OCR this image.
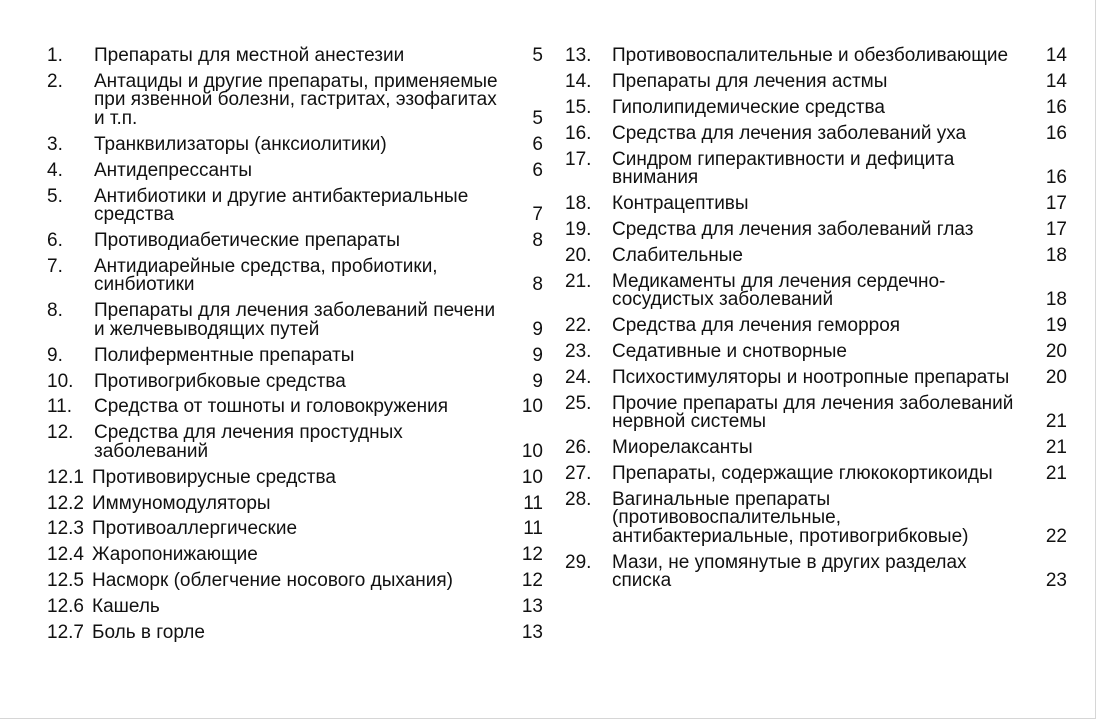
1. Препараты для местной анестезии	5
2. Антациды и другие препараты, применяемые при язвенной болезни, гастритах, эзофагитах и т.п.	5
3. Транквилизаторы (анксиолитики)	6
4. Антидепрессанты	6
5. Антибиотики и другие антибактериальные средства	7
6. Противодиабетические препараты	8
7. Антидиарейные средства, пробиотики, синбиотики	8
8. Препараты для лечения заболеваний печени и желчевыводящих путей	9
9. Полиферментные препараты	9
10. Противогрибковые средства	9
11. Средства от тошноты и головокружения	10
12. Средства для лечения простудных заболеваний	10
12.1 Противовирусные средства	10
12.2 Иммуномодуляторы	11
12.3 Противоаллергические	11
12.4 Жаропонижающие	12
12.5 Насморк (облегчение носового дыхания)	12
12.6 Кашель	13
12.7 Боль в горле	13
13. Противовоспалительные и обезболивающие	14
14. Препараты для лечения астмы	14
15. Гиполипидемические средства	16
16. Средства для лечения заболеваний уха	16
17. Синдром гиперактивности и дефицита внимания	16
18. Контрацептивы	17
19. Средства для лечения заболеваний глаз	17
20. Слабительные	18
21. Медикаменты для лечения сердечно-сосудистых заболеваний	18
22. Средства для лечения геморроя	19
23. Седативные и снотворные	20
24. Психостимуляторы и ноотропные препараты	20
25. Прочие препараты для лечения заболеваний нервной системы	21
26. Миорелаксанты	21
27. Препараты, содержащие глюкокортикоиды	21
28. Вагинальные препараты (противовоспалительные, антибактериальные, противогрибковые)	22
29. Мази, не упомянутые в других разделах списка	23
